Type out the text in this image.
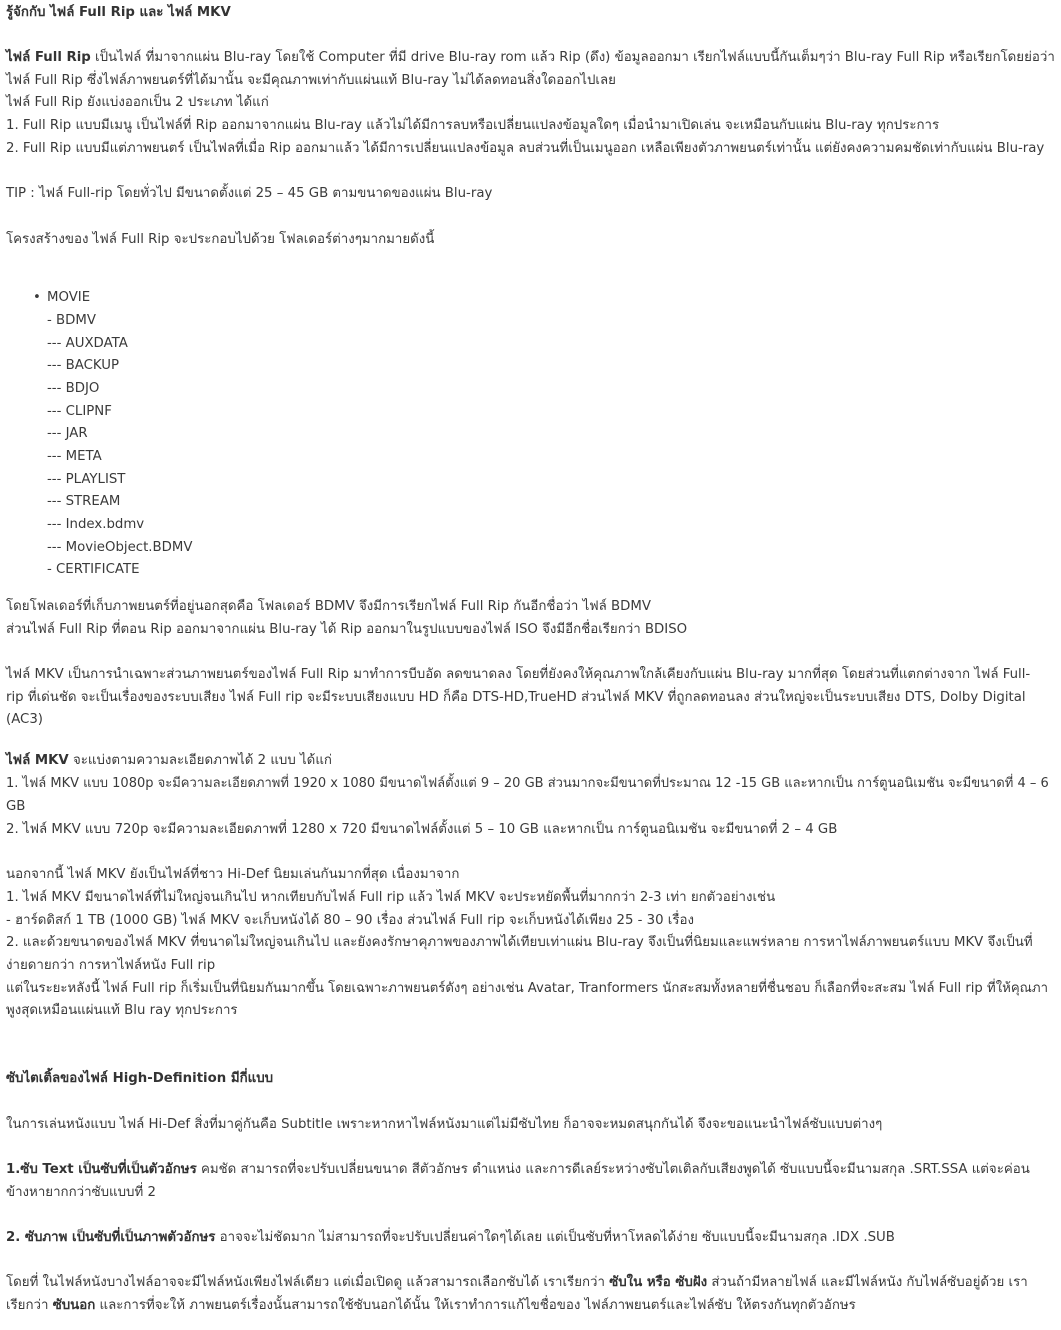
รู้จักกับ ไฟล์ Full Rip และ ไฟล์ MKV
ไฟล์ Full Rip เป็นไฟล์ ที่มาจากแผ่น Blu-ray โดยใช้ Computer ที่มี drive Blu-ray rom แล้ว Rip (ดึง) ข้อมูลออกมา เรียกไฟล์แบบนี้กันเต็มๆว่า Blu-ray Full Rip หรือเรียกโดยย่อว่า
ไฟล์ Full Rip ซึ่งไฟล์ภาพยนตร์ที่ได้มานั้น จะมีคุณภาพเท่ากับแผ่นแท้ Blu-ray ไม่ได้ลดทอนสิ่งใดออกไปเลย
ไฟล์ Full Rip ยังแบ่งออกเป็น 2 ประเภท ได้แก่
1. Full Rip แบบมีเมนู เป็นไฟล์ที่ Rip ออกมาจากแผ่น Blu-ray แล้วไม่ได้มีการลบหรือเปลี่ยนแปลงข้อมูลใดๆ เมื่อนำมาเปิดเล่น จะเหมือนกับแผ่น Blu-ray ทุกประการ
2. Full Rip แบบมีแต่ภาพยนตร์ เป็นไฟลที่เมื่อ Rip ออกมาแล้ว ได้มีการเปลี่ยนแปลงข้อมูล ลบส่วนที่เป็นเมนูออก เหลือเพียงตัวภาพยนตร์เท่านั้น แต่ยังคงความคมชัดเท่ากับแผ่น Blu-ray
TIP : ไฟล์ Full-rip โดยทั่วไป มีขนาดตั้งแต่ 25 – 45 GB ตามขนาดของแผ่น Blu-ray
โครงสร้างของ ไฟล์ Full Rip จะประกอบไปด้วย โฟลเดอร์ต่างๆมากมายดังนี้
• MOVIE
- BDMV
--- AUXDATA
--- BACKUP
--- BDJO
--- CLIPNF
--- JAR
--- META
--- PLAYLIST
--- STREAM
--- Index.bdmv
--- MovieObject.BDMV
- CERTIFICATE
โดยโฟลเดอร์ที่เก็บภาพยนตร์ที่อยู่นอกสุดคือ โฟลเดอร์ BDMV จึงมีการเรียกไฟล์ Full Rip กันอีกชื่อว่า ไฟล์ BDMV
ส่วนไฟล์ Full Rip ที่ตอน Rip ออกมาจากแผ่น Blu-ray ได้ Rip ออกมาในรูปแบบของไฟล์ ISO จึงมีอีกชื่อเรียกว่า BDISO
ไฟล์ MKV เป็นการนำเฉพาะส่วนภาพยนตร์ของไฟล์ Full Rip มาทำการบีบอัด ลดขนาดลง โดยที่ยังคงให้คุณภาพใกล้เคียงกับแผ่น Blu-ray มากที่สุด โดยส่วนที่แตกต่างจาก ไฟล์ Full-
rip ที่เด่นชัด จะเป็นเรื่องของระบบเสียง ไฟล์ Full rip จะมีระบบเสียงแบบ HD ก็คือ DTS-HD,TrueHD ส่วนไฟล์ MKV ที่ถูกลดทอนลง ส่วนใหญ่จะเป็นระบบเสียง DTS, Dolby Digital
(AC3)
ไฟล์ MKV จะแบ่งตามความละเอียดภาพได้ 2 แบบ ได้แก่
1. ไฟล์ MKV แบบ 1080p จะมีความละเอียดภาพที่ 1920 x 1080 มีขนาดไฟล์ตั้งแต่ 9 – 20 GB ส่วนมากจะมีขนาดที่ประมาณ 12 -15 GB และหากเป็น การ์ตูนอนิเมชัน จะมีขนาดที่ 4 – 6
GB
2. ไฟล์ MKV แบบ 720p จะมีความละเอียดภาพที่ 1280 x 720 มีขนาดไฟล์ตั้งแต่ 5 – 10 GB และหากเป็น การ์ตูนอนิเมชัน จะมีขนาดที่ 2 – 4 GB
นอกจากนี้ ไฟล์ MKV ยังเป็นไฟล์ที่ชาว Hi-Def นิยมเล่นกันมากที่สุด เนื่องมาจาก
1. ไฟล์ MKV มีขนาดไฟล์ที่ไม่ใหญ่จนเกินไป หากเทียบกับไฟล์ Full rip แล้ว ไฟล์ MKV จะประหยัดพื้นที่มากกว่า 2-3 เท่า ยกตัวอย่างเช่น
- ฮาร์ดดิสก์ 1 TB (1000 GB) ไฟล์ MKV จะเก็บหนังได้ 80 – 90 เรื่อง ส่วนไฟล์ Full rip จะเก็บหนังได้เพียง 25 - 30 เรื่อง
2. และด้วยขนาดของไฟล์ MKV ที่ขนาดไม่ใหญ่จนเกินไป และยังคงรักษาคุภาพของภาพได้เทียบเท่าแผ่น Blu-ray จึงเป็นที่นิยมและแพร่หลาย การหาไฟล์ภาพยนตร์แบบ MKV จึงเป็นที่
ง่ายดายกว่า การหาไฟล์หนัง Full rip
แต่ในระยะหลังนี้ ไฟล์ Full rip ก็เริ่มเป็นที่นิยมกันมากขึ้น โดยเฉพาะภาพยนตร์ดังๆ อย่างเช่น Avatar, Tranformers นักสะสมทั้งหลายที่ชื่นชอบ ก็เลือกที่จะสะสม ไฟล์ Full rip ที่ให้คุณภา
พูงสุดเหมือนแผ่นแท้ Blu ray ทุกประการ
ซับไตเติ้ลของไฟล์ High-Definition มีกี่แบบ
ในการเล่นหนังแบบ ไฟล์ Hi-Def สิ่งที่มาคู่กันคือ Subtitle เพราะหากหาไฟล์หนังมาแต่ไม่มีซับไทย ก็อาจจะหมดสนุกกันได้ จึงจะขอแนะนำไฟล์ซับแบบต่างๆ
1.ซับ Text เป็นซับที่เป็นตัวอักษร คมชัด สามารถที่จะปรับเปลี่ยนขนาด สีตัวอักษร ตำแหน่ง และการดีเลย์ระหว่างซับไตเติลกับเสียงพูดได้ ซับแบบนี้จะมีนามสกุล .SRT.SSA แต่จะค่อน
ข้างหายากกว่าซับแบบที่ 2
2. ซับภาพ เป็นซับที่เป็นภาพตัวอักษร อาจจะไม่ชัดมาก ไม่สามารถที่จะปรับเปลี่ยนค่าใดๆได้เลย แต่เป็นซับที่หาโหลดได้ง่าย ซับแบบนี้จะมีนามสกุล .IDX .SUB
โดยที่ ในไฟล์หนังบางไฟล์อาจจะมีไฟล์หนังเพียงไฟล์เดียว แต่เมื่อเปิดดู แล้วสามารถเลือกซับได้ เราเรียกว่า ซับใน หรือ ซับฝัง ส่วนถ้ามีหลายไฟล์ และมีไฟล์หนัง กับไฟล์ซับอยู่ด้วย เรา
เรียกว่า ซับนอก และการที่จะให้ ภาพยนตร์เรื่องนั้นสามารถใช้ซับนอกได้นั้น ให้เราทำการแก้ไขชื่อของ ไฟล์ภาพยนตร์และไฟล์ซับ ให้ตรงกันทุกตัวอักษร
